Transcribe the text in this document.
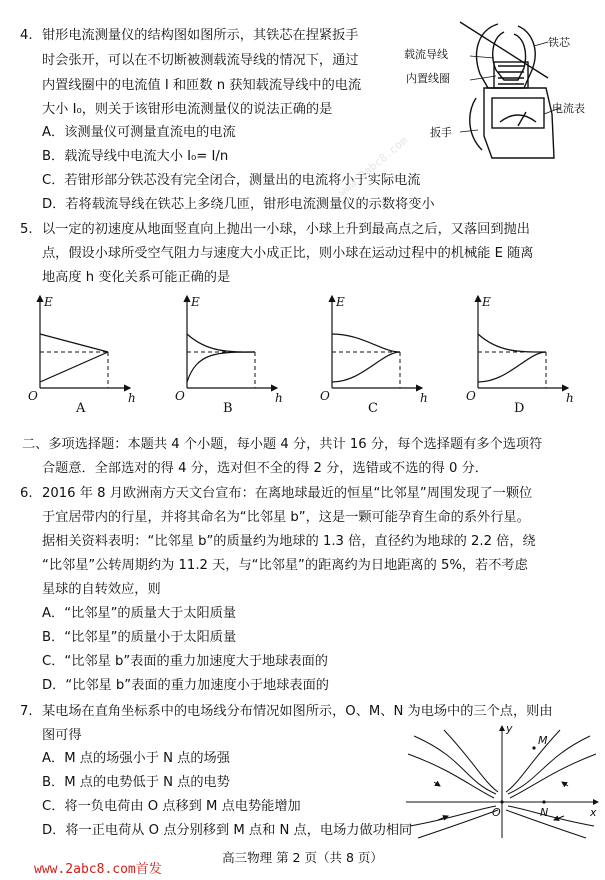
4. 钳形电流测量仪的结构图如图所示，其铁芯在捏紧扳手
时会张开，可以在不切断被测载流导线的情况下，通过
内置线圈中的电流值 I 和匝数 n 获知载流导线中的电流
大小 I₀，则关于该钳形电流测量仪的说法正确的是
A．该测量仪可测量直流电的电流
B．载流导线中电流大小 I₀= I/n
C．若钳形部分铁芯没有完全闭合，测量出的电流将小于实际电流
D．若将载流导线在铁芯上多绕几匝，钳形电流测量仪的示数将变小
载流导线
铁芯
内置线圈
电流表
扳手
5. 以一定的初速度从地面竖直向上抛出一小球，小球上升到最高点之后，又落回到抛出
点，假设小球所受空气阻力与速度大小成正比，则小球在运动过程中的机械能 E 随离
地高度 h 变化关系可能正确的是
E
h
O
A
E
h
O
B
E
h
O
C
E
h
O
D
二、多项选择题：本题共 4 个小题，每小题 4 分，共计 16 分，每个选择题有多个选项符
合题意．全部选对的得 4 分，选对但不全的得 2 分，选错或不选的得 0 分．
6. 2016 年 8 月欧洲南方天文台宣布：在离地球最近的恒星“比邻星”周围发现了一颗位
于宜居带内的行星，并将其命名为“比邻星 b”，这是一颗可能孕育生命的系外行星。
据相关资料表明：“比邻星 b”的质量约为地球的 1.3 倍，直径约为地球的 2.2 倍，绕
“比邻星”公转周期约为 11.2 天，与“比邻星”的距离约为日地距离的 5%，若不考虑
星球的自转效应，则
A．“比邻星”的质量大于太阳质量
B．“比邻星”的质量小于太阳质量
C．“比邻星 b”表面的重力加速度大于地球表面的
D．“比邻星 b”表面的重力加速度小于地球表面的
7. 某电场在直角坐标系中的电场线分布情况如图所示，O、M、N 为电场中的三个点，则由
图可得
A．M 点的场强小于 N 点的场强
B．M 点的电势低于 N 点的电势
C．将一负电荷由 O 点移到 M 点电势能增加
D．将一正电荷从 O 点分别移到 M 点和 N 点，电场力做功相同
y
x
O
M
N
www.2abc8.com
高三物理 第 2 页（共 8 页）
www.2abc8.com首发
